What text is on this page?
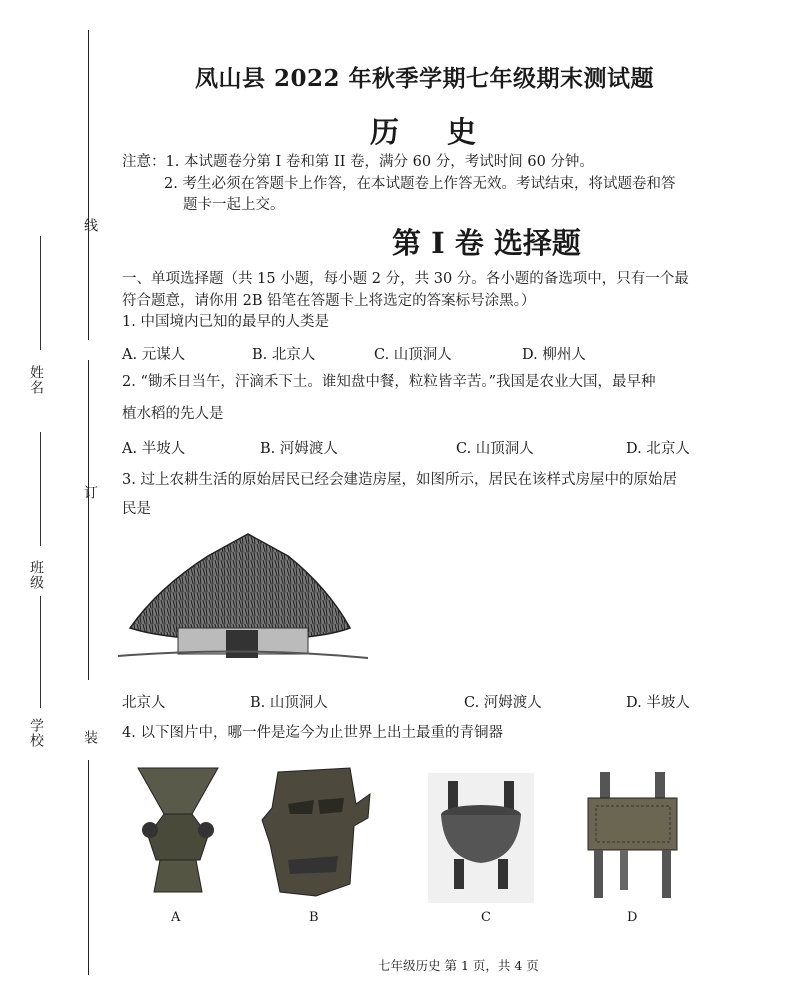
线
订
装
姓名
班级
学校
凤山县 2022 年秋季学期七年级期末测试题
历 史
注意：1. 本试题卷分第 I 卷和第 II 卷，满分 60 分，考试时间 60 分钟。
2. 考生必须在答题卡上作答，在本试题卷上作答无效。考试结束，将试题卷和答
题卡一起上交。
第 I 卷 选择题
一、单项选择题（共 15 小题，每小题 2 分，共 30 分。各小题的备选项中，只有一个最
符合题意，请你用 2B 铅笔在答题卡上将选定的答案标号涂黑。）
1. 中国境内已知的最早的人类是
A. 元谋人	B. 北京人	C. 山顶洞人	D. 柳州人
2. “锄禾日当午，汗滴禾下土。谁知盘中餐，粒粒皆辛苦。”我国是农业大国，最早种
植水稻的先人是
A. 半坡人	B. 河姆渡人	C. 山顶洞人	D. 北京人
3. 过上农耕生活的原始居民已经会建造房屋，如图所示，居民在该样式房屋中的原始居
民是
北京人	B. 山顶洞人	C. 河姆渡人	D. 半坡人
4. 以下图片中，哪一件是迄今为止世界上出土最重的青铜器
A	B	C	D
七年级历史 第 1 页，共 4 页
